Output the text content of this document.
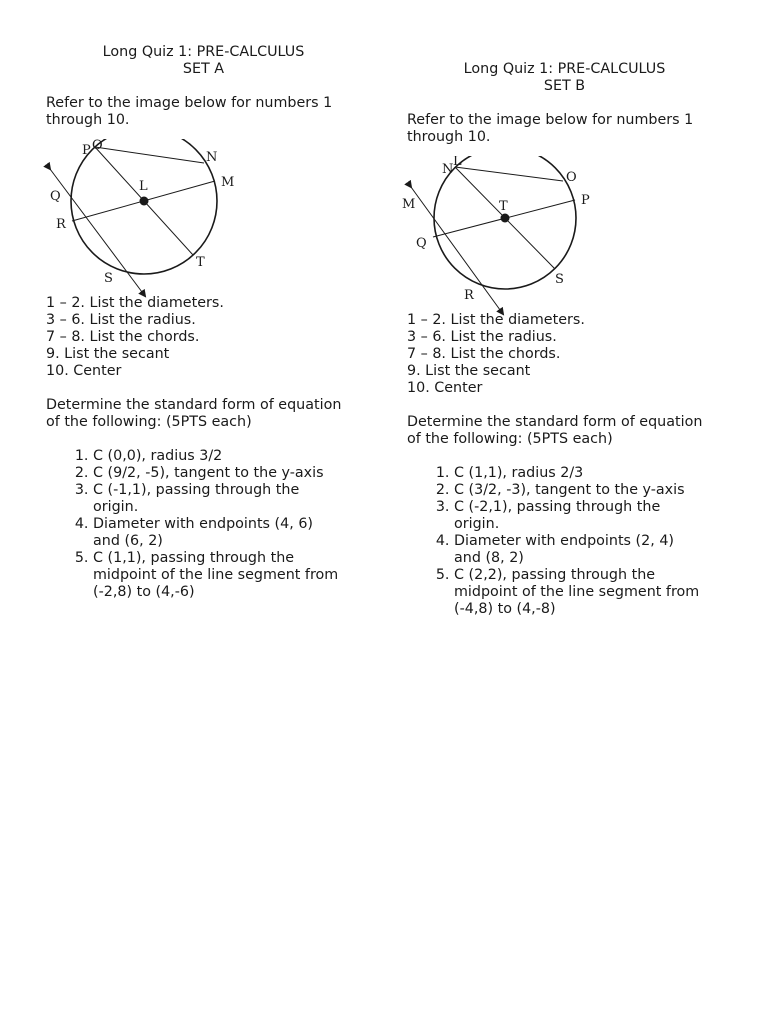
Long Quiz 1: PRE-CALCULUS
SET A
Refer to the image below for numbers 1 through 10.
P O
N
M
L
Q
R
S
T
1 – 2. List the diameters.
3 – 6. List the radius.
7 – 8. List the chords.
9. List the secant
10. Center
Determine the standard form of equation of the following: (5PTS each)
1. C (0,0), radius 3/2
2. C (9/2, -5), tangent to the y-axis
3. C (-1,1), passing through the origin.
4. Diameter with endpoints (4, 6) and (6, 2)
5. C (1,1), passing through the midpoint of the line segment from (-2,8) to (4,-6)
Long Quiz 1: PRE-CALCULUS
SET B
Refer to the image below for numbers 1 through 10.
L
N
O
P
M	T
Q
S
R
1 – 2. List the diameters.
3 – 6. List the radius.
7 – 8. List the chords.
9. List the secant
10. Center
Determine the standard form of equation of the following: (5PTS each)
1. C (1,1), radius 2/3
2. C (3/2, -3), tangent to the y-axis
3. C (-2,1), passing through the origin.
4. Diameter with endpoints (2, 4) and (8, 2)
5. C (2,2), passing through the midpoint of the line segment from (-4,8) to (4,-8)
